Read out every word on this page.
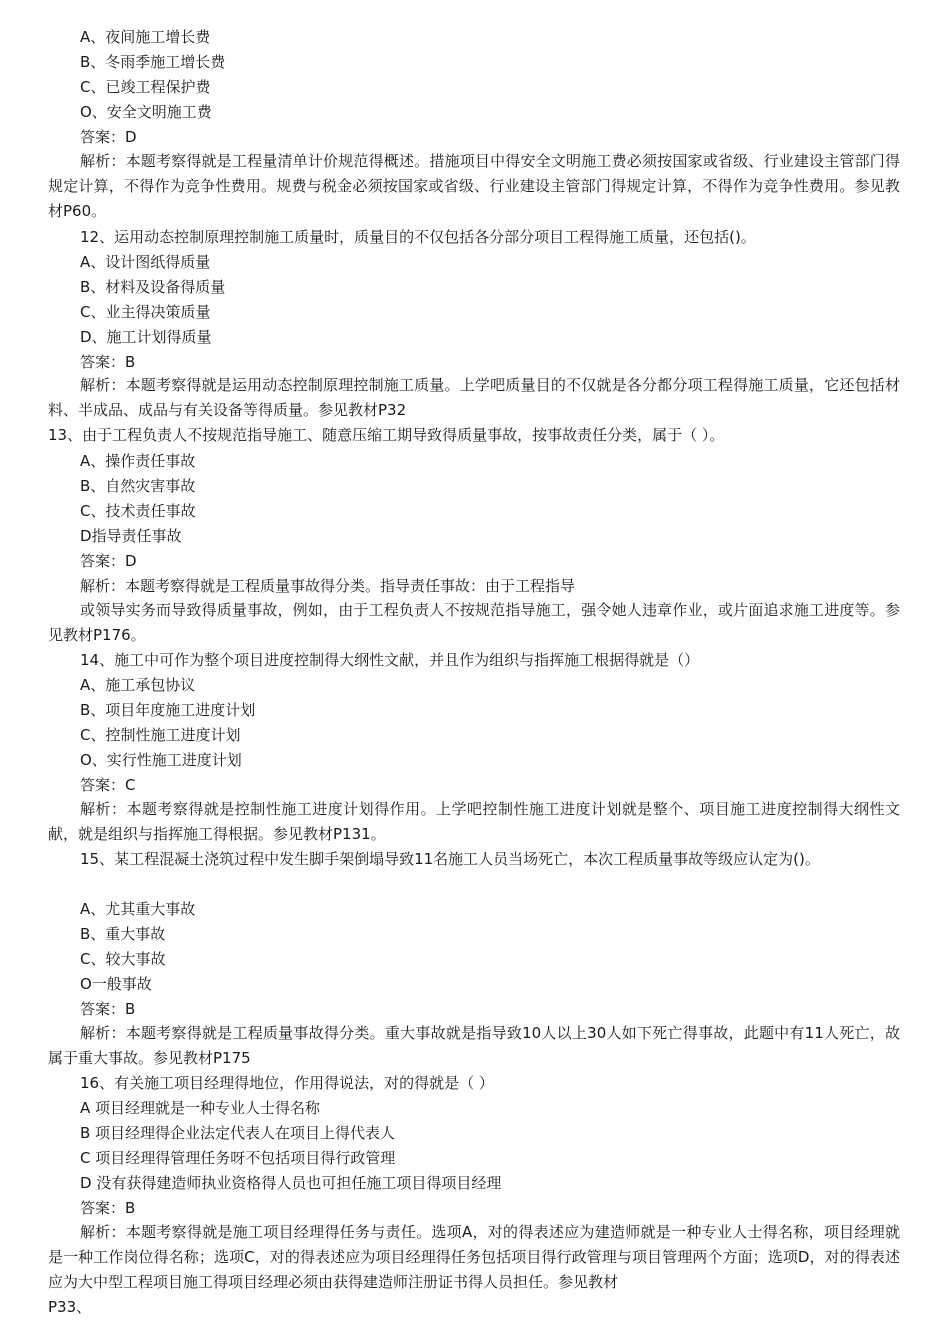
A、夜间施工增长费
B、冬雨季施工增长费
C、已竣工程保护费
O、安全文明施工费
答案：D
解析：本题考察得就是工程量清单计价规范得概述。措施项目中得安全文明施工费必须按国家或省级、行业建设主管部门得规定计算，不得作为竞争性费用。规费与税金必须按国家或省级、行业建设主管部门得规定计算，不得作为竞争性费用。参见教材P60。
12、运用动态控制原理控制施工质量时，质量目的不仅包括各分部分项目工程得施工质量，还包括()。
A、设计图纸得质量
B、材料及设备得质量
C、业主得决策质量
D、施工计划得质量
答案：B
解析：本题考察得就是运用动态控制原理控制施工质量。上学吧质量目的不仅就是各分都分项工程得施工质量，它还包括材料、半成品、成品与有关设备等得质量。参见教材P32
13、由于工程负责人不按规范指导施工、随意压缩工期导致得质量事故，按事故责任分类，属于（ ）。
A、操作责任事故
B、自然灾害事故
C、技术责任事故
D指导责任事故
答案：D
解析：本题考察得就是工程质量事故得分类。指导责任事故：由于工程指导
或领导实务而导致得质量事故，例如，由于工程负责人不按规范指导施工，强令她人违章作业，或片面追求施工进度等。参见教材P176。
14、施工中可作为整个项目进度控制得大纲性文献，并且作为组织与指挥施工根据得就是（）
A、施工承包协议
B、项目年度施工进度计划
C、控制性施工进度计划
O、实行性施工进度计划
答案：C
解析：本题考察得就是控制性施工进度计划得作用。上学吧控制性施工进度计划就是整个、项目施工进度控制得大纲性文献，就是组织与指挥施工得根据。参见教材P131。
15、某工程混凝土浇筑过程中发生脚手架倒塌导致11名施工人员当场死亡，本次工程质量事故等级应认定为()。
A、尤其重大事故
B、重大事故
C、较大事故
O一般事故
答案：B
解析：本题考察得就是工程质量事故得分类。重大事故就是指导致10人以上30人如下死亡得事故，此题中有11人死亡，故属于重大事故。参见教材P175
16、有关施工项目经理得地位，作用得说法，对的得就是（ ）
A 项目经理就是一种专业人士得名称
B 项目经理得企业法定代表人在项目上得代表人
C 项目经理得管理任务呀不包括项目得行政管理
D 没有获得建造师执业资格得人员也可担任施工项目得项目经理
答案：B
解析：本题考察得就是施工项目经理得任务与责任。选项A，对的得表述应为建造师就是一种专业人士得名称，项目经理就是一种工作岗位得名称；选项C，对的得表述应为项目经理得任务包括项目得行政管理与项目管理两个方面；选项D，对的得表述应为大中型工程项目施工得项目经理必须由获得建造师注册证书得人员担任。参见教材
P33、
